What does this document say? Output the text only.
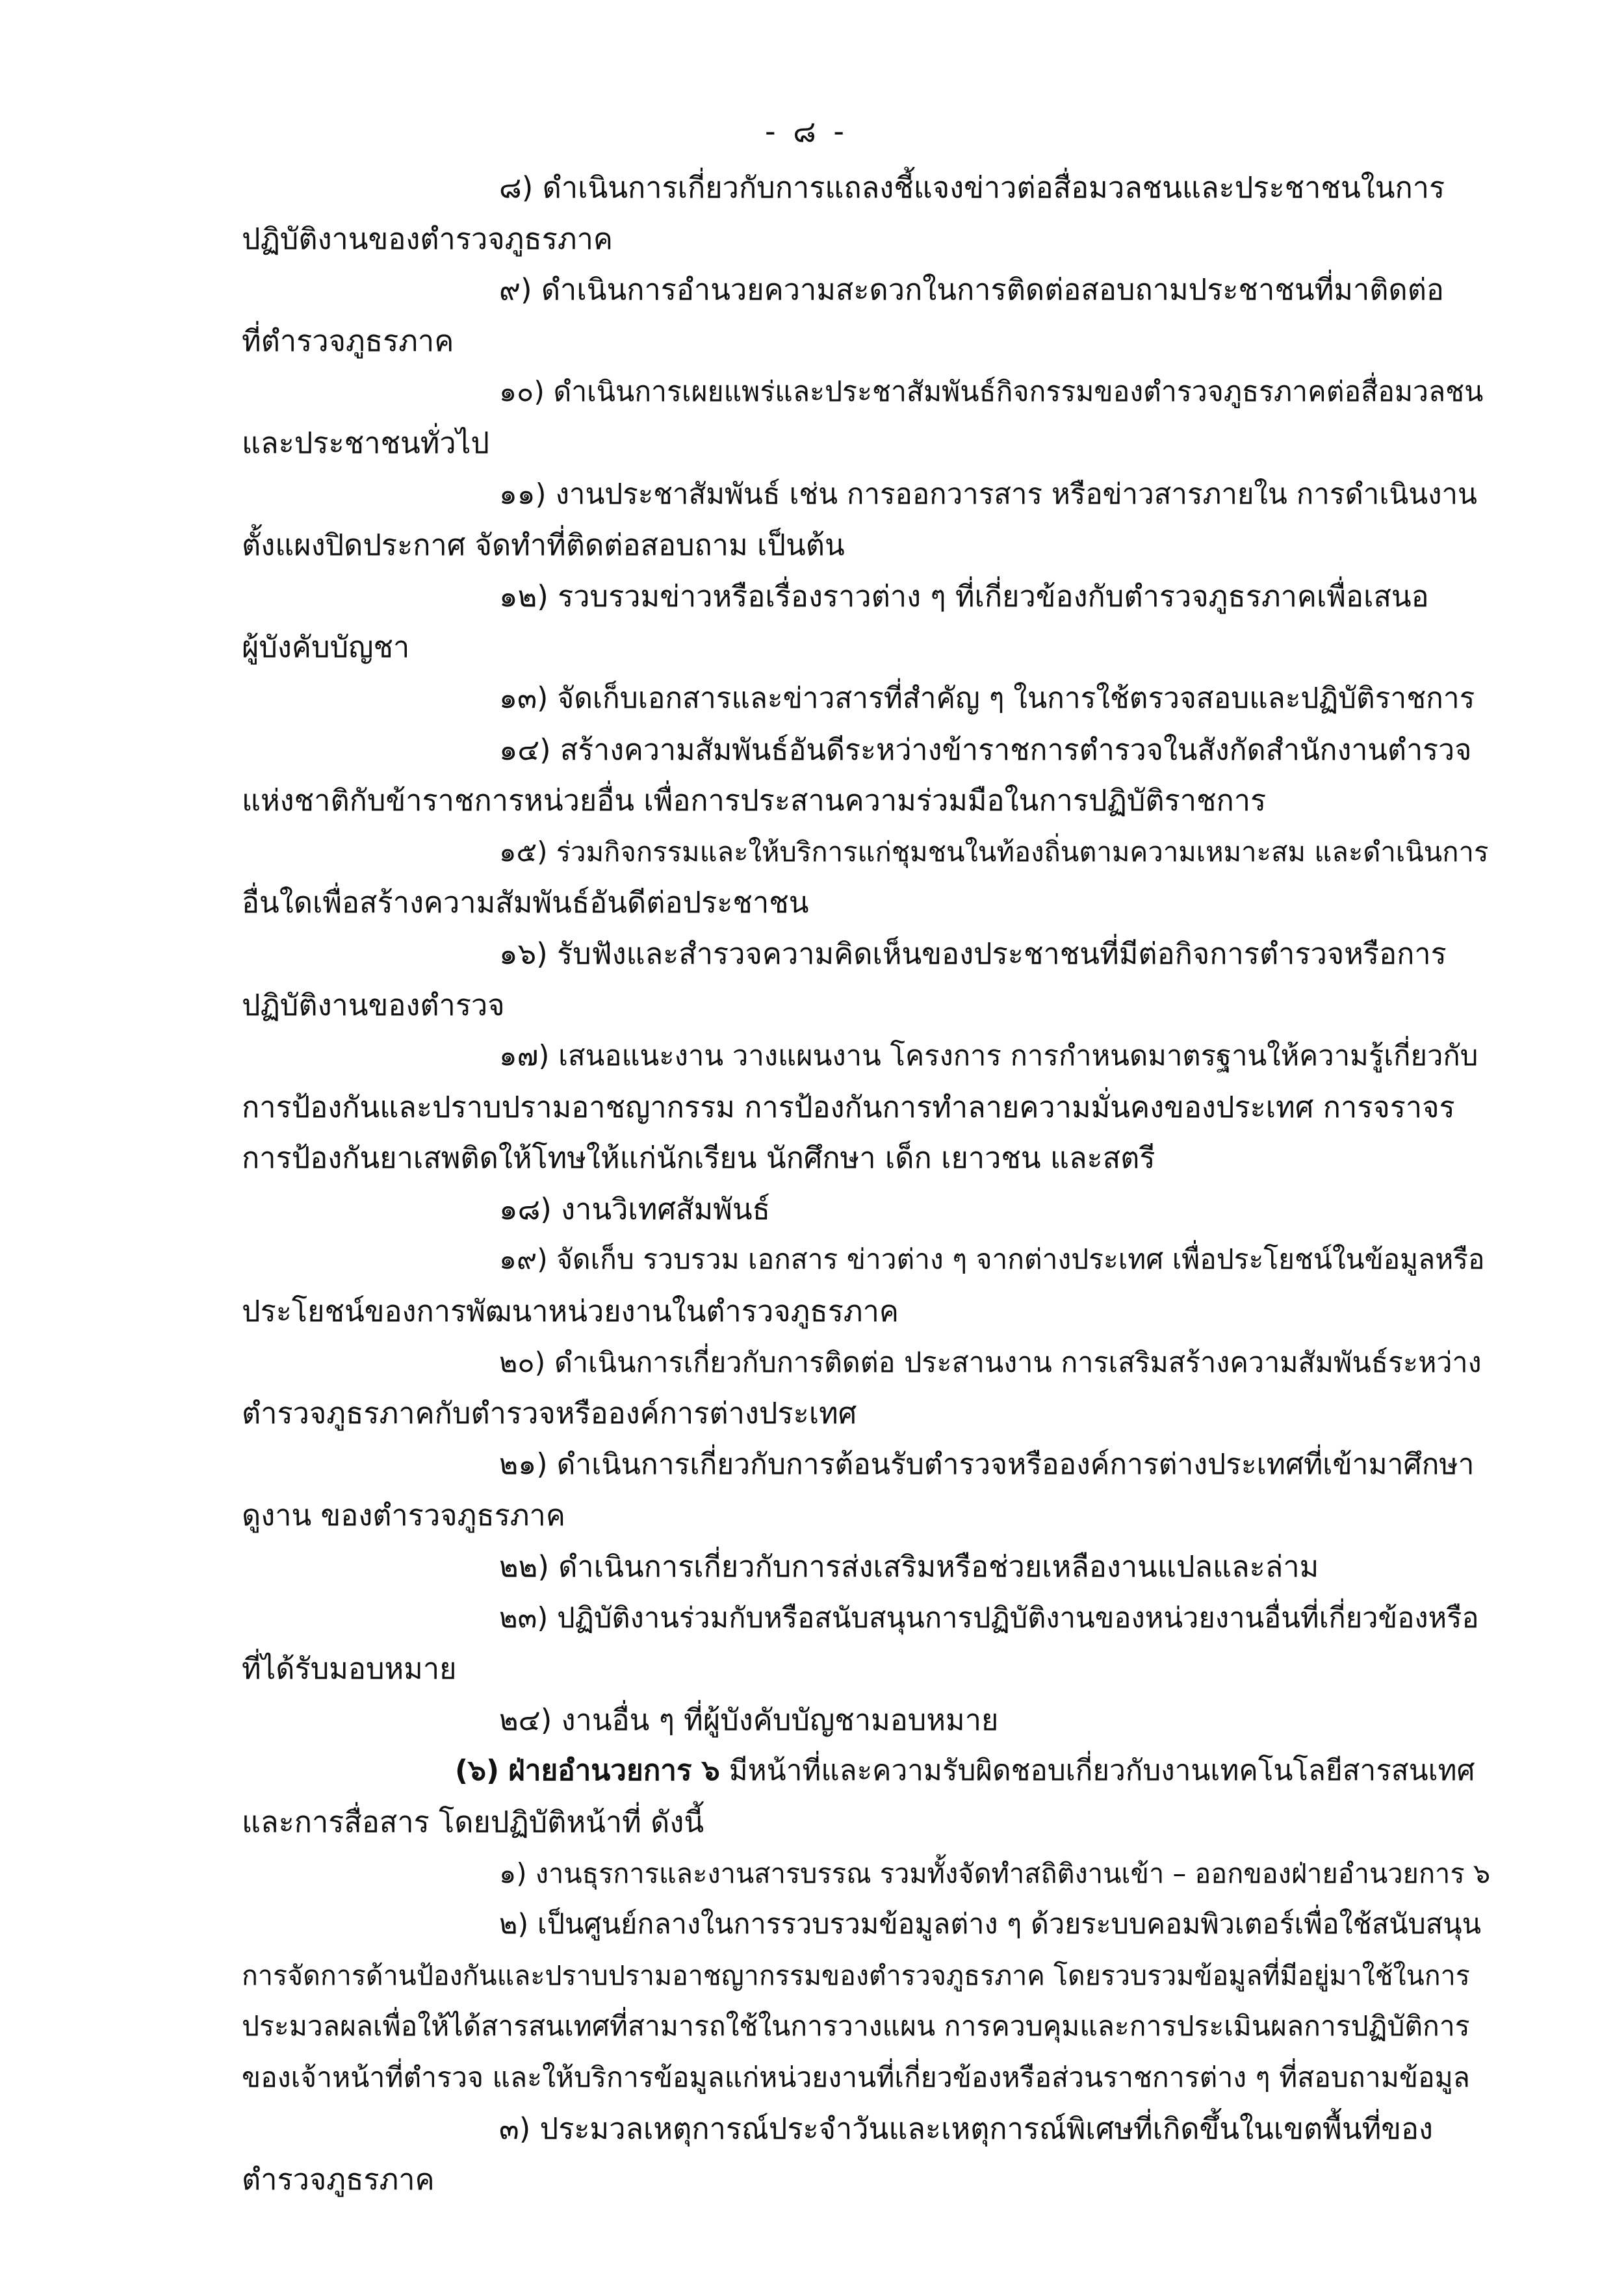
- ๘ -
๘) ดำเนินการเกี่ยวกับการแถลงชี้แจงข่าวต่อสื่อมวลชนและประชาชนในการ
ปฏิบัติงานของตำรวจภูธรภาค
๙) ดำเนินการอำนวยความสะดวกในการติดต่อสอบถามประชาชนที่มาติดต่อ
ที่ตำรวจภูธรภาค
๑๐) ดำเนินการเผยแพร่และประชาสัมพันธ์กิจกรรมของตำรวจภูธรภาคต่อสื่อมวลชน
และประชาชนทั่วไป
๑๑) งานประชาสัมพันธ์ เช่น การออกวารสาร หรือข่าวสารภายใน การดำเนินงาน
ตั้งแผงปิดประกาศ จัดทำที่ติดต่อสอบถาม เป็นต้น
๑๒) รวบรวมข่าวหรือเรื่องราวต่าง ๆ ที่เกี่ยวข้องกับตำรวจภูธรภาคเพื่อเสนอ
ผู้บังคับบัญชา
๑๓) จัดเก็บเอกสารและข่าวสารที่สำคัญ ๆ ในการใช้ตรวจสอบและปฏิบัติราชการ
๑๔) สร้างความสัมพันธ์อันดีระหว่างข้าราชการตำรวจในสังกัดสำนักงานตำรวจ
แห่งชาติกับข้าราชการหน่วยอื่น เพื่อการประสานความร่วมมือในการปฏิบัติราชการ
๑๕) ร่วมกิจกรรมและให้บริการแก่ชุมชนในท้องถิ่นตามความเหมาะสม และดำเนินการ
อื่นใดเพื่อสร้างความสัมพันธ์อันดีต่อประชาชน
๑๖) รับฟังและสำรวจความคิดเห็นของประชาชนที่มีต่อกิจการตำรวจหรือการ
ปฏิบัติงานของตำรวจ
๑๗) เสนอแนะงาน วางแผนงาน โครงการ การกำหนดมาตรฐานให้ความรู้เกี่ยวกับ
การป้องกันและปราบปรามอาชญากรรม การป้องกันการทำลายความมั่นคงของประเทศ การจราจร
การป้องกันยาเสพติดให้โทษให้แก่นักเรียน นักศึกษา เด็ก เยาวชน และสตรี
๑๘) งานวิเทศสัมพันธ์
๑๙) จัดเก็บ รวบรวม เอกสาร ข่าวต่าง ๆ จากต่างประเทศ เพื่อประโยชน์ในข้อมูลหรือ
ประโยชน์ของการพัฒนาหน่วยงานในตำรวจภูธรภาค
๒๐) ดำเนินการเกี่ยวกับการติดต่อ ประสานงาน การเสริมสร้างความสัมพันธ์ระหว่าง
ตำรวจภูธรภาคกับตำรวจหรือองค์การต่างประเทศ
๒๑) ดำเนินการเกี่ยวกับการต้อนรับตำรวจหรือองค์การต่างประเทศที่เข้ามาศึกษา
ดูงาน ของตำรวจภูธรภาค
๒๒) ดำเนินการเกี่ยวกับการส่งเสริมหรือช่วยเหลืองานแปลและล่าม
๒๓) ปฏิบัติงานร่วมกับหรือสนับสนุนการปฏิบัติงานของหน่วยงานอื่นที่เกี่ยวข้องหรือ
ที่ได้รับมอบหมาย
๒๔) งานอื่น ๆ ที่ผู้บังคับบัญชามอบหมาย
(๖) ฝ่ายอำนวยการ ๖ มีหน้าที่และความรับผิดชอบเกี่ยวกับงานเทคโนโลยีสารสนเทศ
และการสื่อสาร โดยปฏิบัติหน้าที่ ดังนี้
๑) งานธุรการและงานสารบรรณ รวมทั้งจัดทำสถิติงานเข้า – ออกของฝ่ายอำนวยการ ๖
๒) เป็นศูนย์กลางในการรวบรวมข้อมูลต่าง ๆ ด้วยระบบคอมพิวเตอร์เพื่อใช้สนับสนุน
การจัดการด้านป้องกันและปราบปรามอาชญากรรมของตำรวจภูธรภาค โดยรวบรวมข้อมูลที่มีอยู่มาใช้ในการ
ประมวลผลเพื่อให้ได้สารสนเทศที่สามารถใช้ในการวางแผน การควบคุมและการประเมินผลการปฏิบัติการ
ของเจ้าหน้าที่ตำรวจ และให้บริการข้อมูลแก่หน่วยงานที่เกี่ยวข้องหรือส่วนราชการต่าง ๆ ที่สอบถามข้อมูล
๓) ประมวลเหตุการณ์ประจำวันและเหตุการณ์พิเศษที่เกิดขึ้นในเขตพื้นที่ของ
ตำรวจภูธรภาค
